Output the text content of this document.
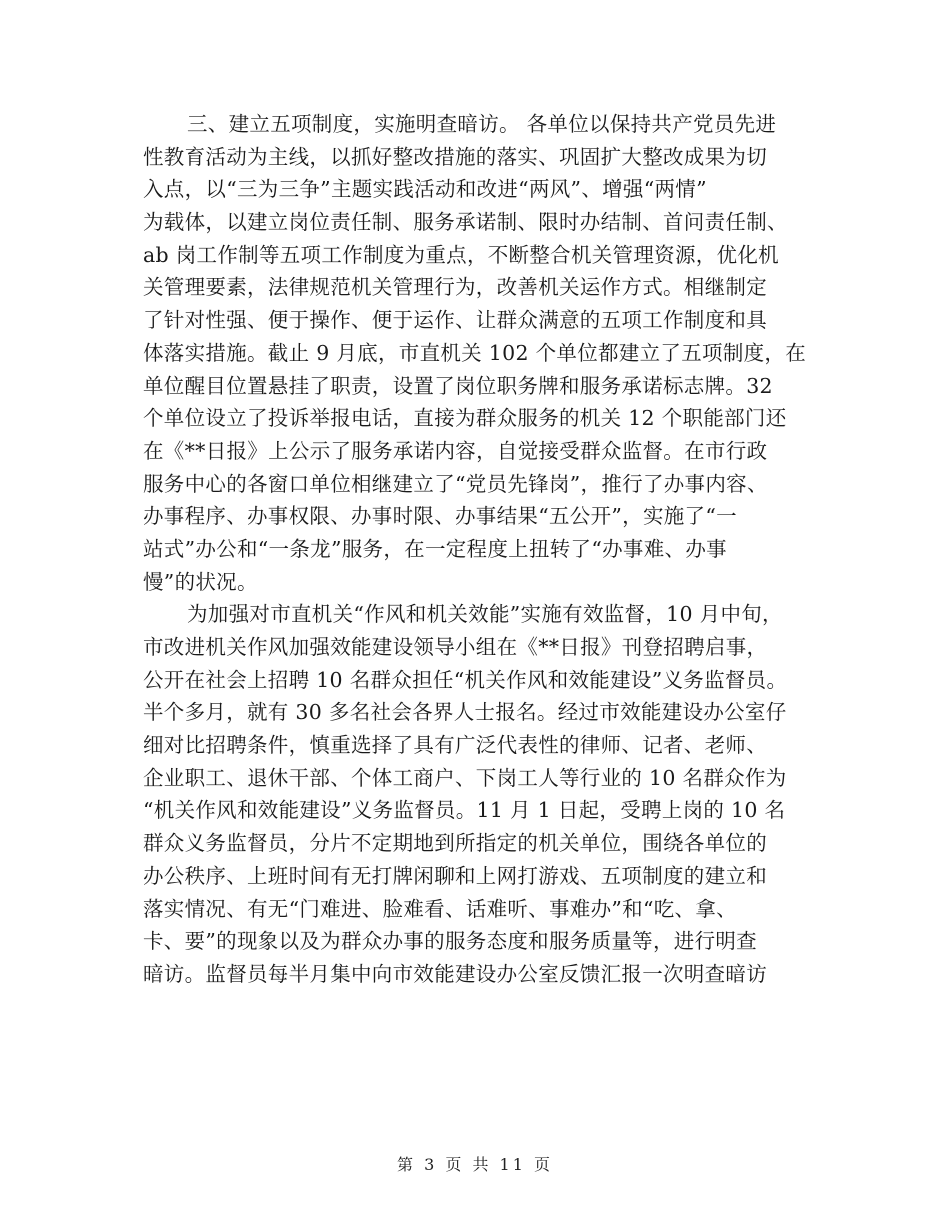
三、建立五项制度，实施明查暗访。 各单位以保持共产党员先进
性教育活动为主线，以抓好整改措施的落实、巩固扩大整改成果为切
入点，以“三为三争”主题实践活动和改进“两风”、增强“两情”
为载体，以建立岗位责任制、服务承诺制、限时办结制、首问责任制、
ab 岗工作制等五项工作制度为重点，不断整合机关管理资源，优化机
关管理要素，法律规范机关管理行为，改善机关运作方式。相继制定
了针对性强、便于操作、便于运作、让群众满意的五项工作制度和具
体落实措施。截止 9 月底，市直机关 102 个单位都建立了五项制度，在
单位醒目位置悬挂了职责，设置了岗位职务牌和服务承诺标志牌。32
个单位设立了投诉举报电话，直接为群众服务的机关 12 个职能部门还
在《**日报》上公示了服务承诺内容，自觉接受群众监督。在市行政
服务中心的各窗口单位相继建立了“党员先锋岗”，推行了办事内容、
办事程序、办事权限、办事时限、办事结果“五公开”，实施了“一
站式”办公和“一条龙”服务，在一定程度上扭转了“办事难、办事
慢”的状况。
为加强对市直机关“作风和机关效能”实施有效监督，10 月中旬，
市改进机关作风加强效能建设领导小组在《**日报》刊登招聘启事，
公开在社会上招聘 10 名群众担任“机关作风和效能建设”义务监督员。
半个多月，就有 30 多名社会各界人士报名。经过市效能建设办公室仔
细对比招聘条件，慎重选择了具有广泛代表性的律师、记者、老师、
企业职工、退休干部、个体工商户、下岗工人等行业的 10 名群众作为
“机关作风和效能建设”义务监督员。11 月 1 日起，受聘上岗的 10 名
群众义务监督员，分片不定期地到所指定的机关单位，围绕各单位的
办公秩序、上班时间有无打牌闲聊和上网打游戏、五项制度的建立和
落实情况、有无“门难进、脸难看、话难听、事难办”和“吃、拿、
卡、要”的现象以及为群众办事的服务态度和服务质量等，进行明查
暗访。监督员每半月集中向市效能建设办公室反馈汇报一次明查暗访
第 3 页 共 11 页
